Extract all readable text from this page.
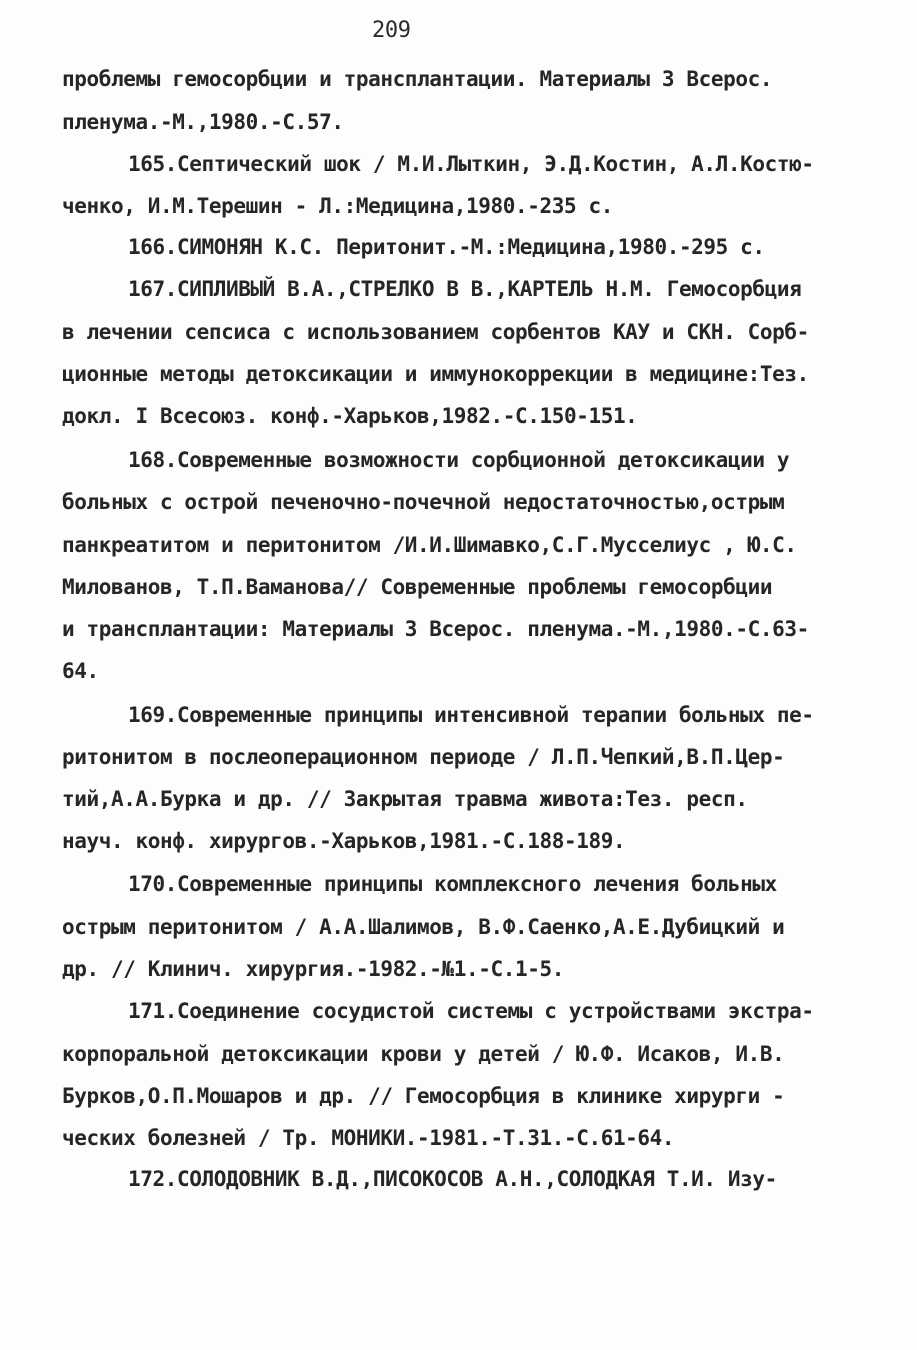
209
проблемы гемосорбции и трансплантации. Материалы 3 Всерос.
пленума.-М.,1980.-С.57.
165.Септический шок / М.И.Лыткин, Э.Д.Костин, А.Л.Костю-
ченко, И.М.Терешин - Л.:Медицина,1980.-235 с.
166.СИМОНЯН К.С. Перитонит.-М.:Медицина,1980.-295 с.
167.СИПЛИВЫЙ В.А.,СТРЕЛКО В В.,КАРТЕЛЬ Н.М. Гемосорбция
в лечении сепсиса с использованием сорбентов КАУ и СКН. Сорб-
ционные методы детоксикации и иммунокоррекции в медицине:Тез.
докл. I Всесоюз. конф.-Харьков,1982.-С.150-151.
168.Современные возможности сорбционной детоксикации у
больных с острой печеночно-почечной недостаточностью,острым
панкреатитом и перитонитом /И.И.Шимавко,С.Г.Мусселиус , Ю.С.
Милованов, Т.П.Ваманова// Современные проблемы гемосорбции
и трансплантации: Материалы 3 Всерос. пленума.-М.,1980.-С.63-
64.
169.Современные принципы интенсивной терапии больных пе-
ритонитом в послеоперационном периоде / Л.П.Чепкий,В.П.Цер-
тий,А.А.Бурка и др. // Закрытая травма живота:Тез. респ.
науч. конф. хирургов.-Харьков,1981.-С.188-189.
170.Современные принципы комплексного лечения больных
острым перитонитом / А.А.Шалимов, В.Ф.Саенко,А.Е.Дубицкий и
др. // Клинич. хирургия.-1982.-№1.-С.1-5.
171.Соединение сосудистой системы с устройствами экстра-
корпоральной детоксикации крови у детей / Ю.Ф. Исаков, И.В.
Бурков,О.П.Мошаров и др. // Гемосорбция в клинике хирурги -
ческих болезней / Тр. МОНИКИ.-1981.-Т.31.-С.61-64.
172.СОЛОДОВНИК В.Д.,ПИСОКОСОВ А.Н.,СОЛОДКАЯ Т.И. Изу-
